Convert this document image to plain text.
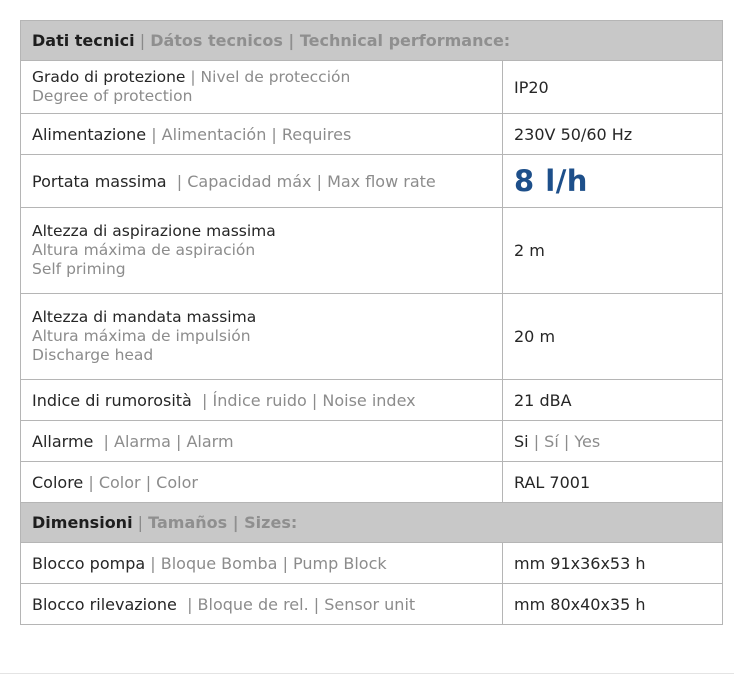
Dati tecnici | Dátos tecnicos | Technical performance:	

Grado di protezione | Nivel de protección
Degree of protection	IP20
Alimentazione | Alimentación | Requires	230V 50/60 Hz
Portata massima  | Capacidad máx | Max flow rate	8 l/h

Altezza di aspirazione massima
Altura máxima de aspiración
Self priming	2 m

Altezza di mandata massima
Altura máxima de impulsión
Discharge head	20 m
Indice di rumorosità  | Índice ruido | Noise index	21 dBA
Allarme  | Alarma | Alarm	Si | Sí | Yes
Colore | Color | Color	RAL 7001
Dimensioni | Tamaños | Sizes:	
Blocco pompa | Bloque Bomba | Pump Block	mm 91x36x53 h
Blocco rilevazione  | Bloque de rel. | Sensor unit	mm 80x40x35 h
